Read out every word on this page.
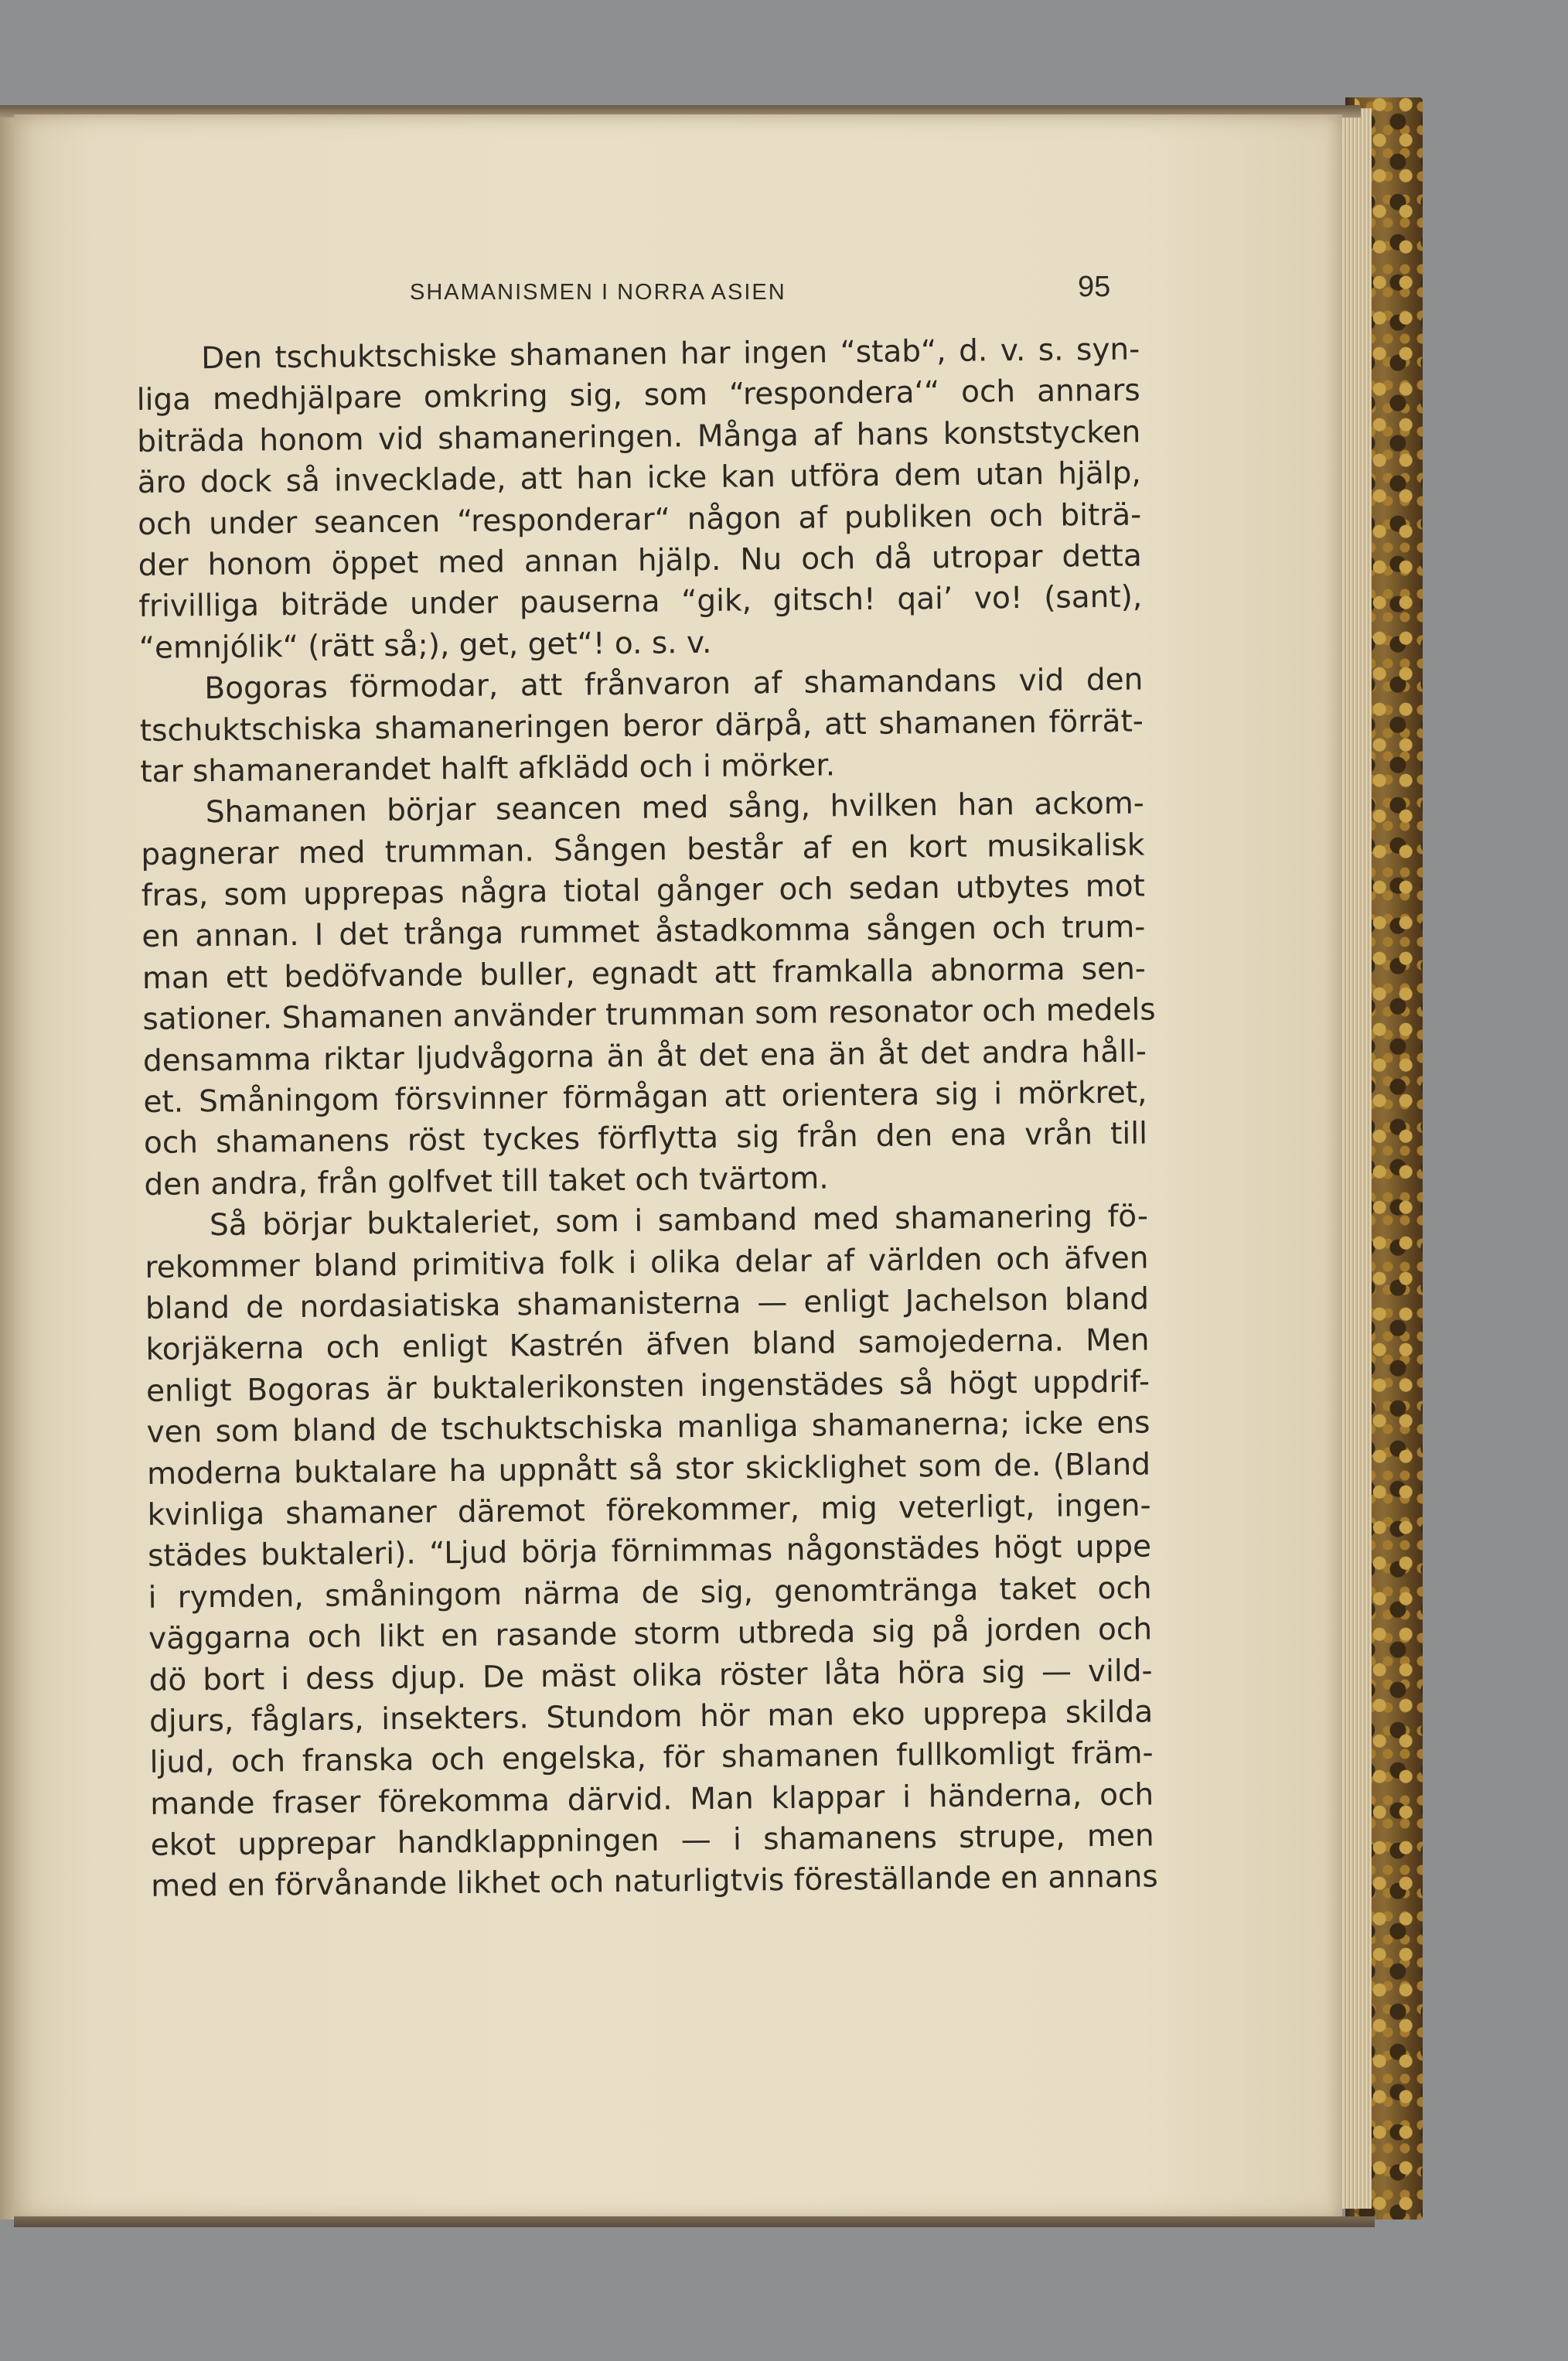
SHAMANISMEN I NORRA ASIEN	95
Den tschuktschiske shamanen har ingen “stab“, d. v. s. syn-
liga medhjälpare omkring sig, som “responderaʻ“ och annars
biträda honom vid shamaneringen. Många af hans konststycken
äro dock så invecklade, att han icke kan utföra dem utan hjälp,
och under seancen “responderar“ någon af publiken och biträ-
der honom öppet med annan hjälp. Nu och då utropar detta
frivilliga biträde under pauserna “gik, gitsch! qaiʼ vo! (sant),
“emnjólik“ (rätt så;), get, get“! o. s. v.
Bogoras förmodar, att frånvaron af shamandans vid den
tschuktschiska shamaneringen beror därpå, att shamanen förrät-
tar shamanerandet halft afklädd och i mörker.
Shamanen börjar seancen med sång, hvilken han ackom-
pagnerar med trumman. Sången består af en kort musikalisk
fras, som upprepas några tiotal gånger och sedan utbytes mot
en annan. I det trånga rummet åstadkomma sången och trum-
man ett bedöfvande buller, egnadt att framkalla abnorma sen-
sationer. Shamanen använder trumman som resonator och medels
densamma riktar ljudvågorna än åt det ena än åt det andra håll-
et. Småningom försvinner förmågan att orientera sig i mörkret,
och shamanens röst tyckes förflytta sig från den ena vrån till
den andra, från golfvet till taket och tvärtom.
Så börjar buktaleriet, som i samband med shamanering fö-
rekommer bland primitiva folk i olika delar af världen och äfven
bland de nordasiatiska shamanisterna — enligt Jachelson bland
korjäkerna och enligt Kastrén äfven bland samojederna. Men
enligt Bogoras är buktalerikonsten ingenstädes så högt uppdrif-
ven som bland de tschuktschiska manliga shamanerna; icke ens
moderna buktalare ha uppnått så stor skicklighet som de. (Bland
kvinliga shamaner däremot förekommer, mig veterligt, ingen-
städes buktaleri). “Ljud börja förnimmas någonstädes högt uppe
i rymden, småningom närma de sig, genomtränga taket och
väggarna och likt en rasande storm utbreda sig på jorden och
dö bort i dess djup. De mäst olika röster låta höra sig — vild-
djurs, fåglars, insekters. Stundom hör man eko upprepa skilda
ljud, och franska och engelska, för shamanen fullkomligt främ-
mande fraser förekomma därvid. Man klappar i händerna, och
ekot upprepar handklappningen — i shamanens strupe, men
med en förvånande likhet och naturligtvis föreställande en annans
